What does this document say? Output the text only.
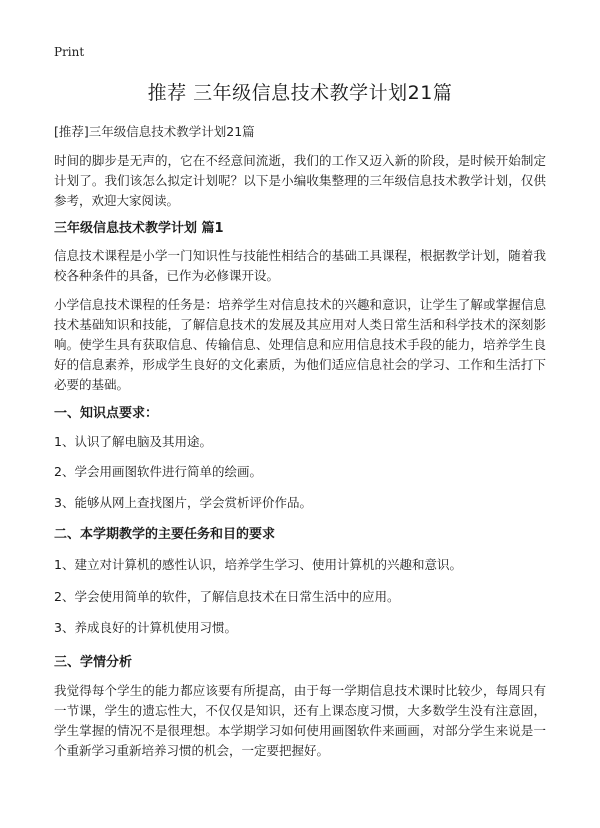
Print
推荐 三年级信息技术教学计划21篇
[推荐]三年级信息技术教学计划21篇

时间的脚步是无声的，它在不经意间流逝，我们的工作又迈入新的阶段，是时候开始制定计划了。我们该怎么拟定计划呢？以下是小编收集整理的三年级信息技术教学计划，仅供参考，欢迎大家阅读。

三年级信息技术教学计划 篇1

信息技术课程是小学一门知识性与技能性相结合的基础工具课程，根据教学计划，随着我校各种条件的具备，已作为必修课开设。

小学信息技术课程的任务是：培养学生对信息技术的兴趣和意识，让学生了解或掌握信息技术基础知识和技能，了解信息技术的发展及其应用对人类日常生活和科学技术的深刻影响。使学生具有获取信息、传输信息、处理信息和应用信息技术手段的能力，培养学生良好的信息素养，形成学生良好的文化素质，为他们适应信息社会的学习、工作和生活打下必要的基础。

一、知识点要求：

1、认识了解电脑及其用途。

2、学会用画图软件进行简单的绘画。

3、能够从网上查找图片，学会赏析评价作品。

二、本学期教学的主要任务和目的要求

1、建立对计算机的感性认识，培养学生学习、使用计算机的兴趣和意识。

2、学会使用简单的软件，了解信息技术在日常生活中的应用。

3、养成良好的计算机使用习惯。

三、学情分析

我觉得每个学生的能力都应该要有所提高，由于每一学期信息技术课时比较少，每周只有一节课，学生的遗忘性大，不仅仅是知识，还有上课态度习惯，大多数学生没有注意固，学生掌握的情况不是很理想。本学期学习如何使用画图软件来画画，对部分学生来说是一个重新学习重新培养习惯的机会，一定要把握好。
